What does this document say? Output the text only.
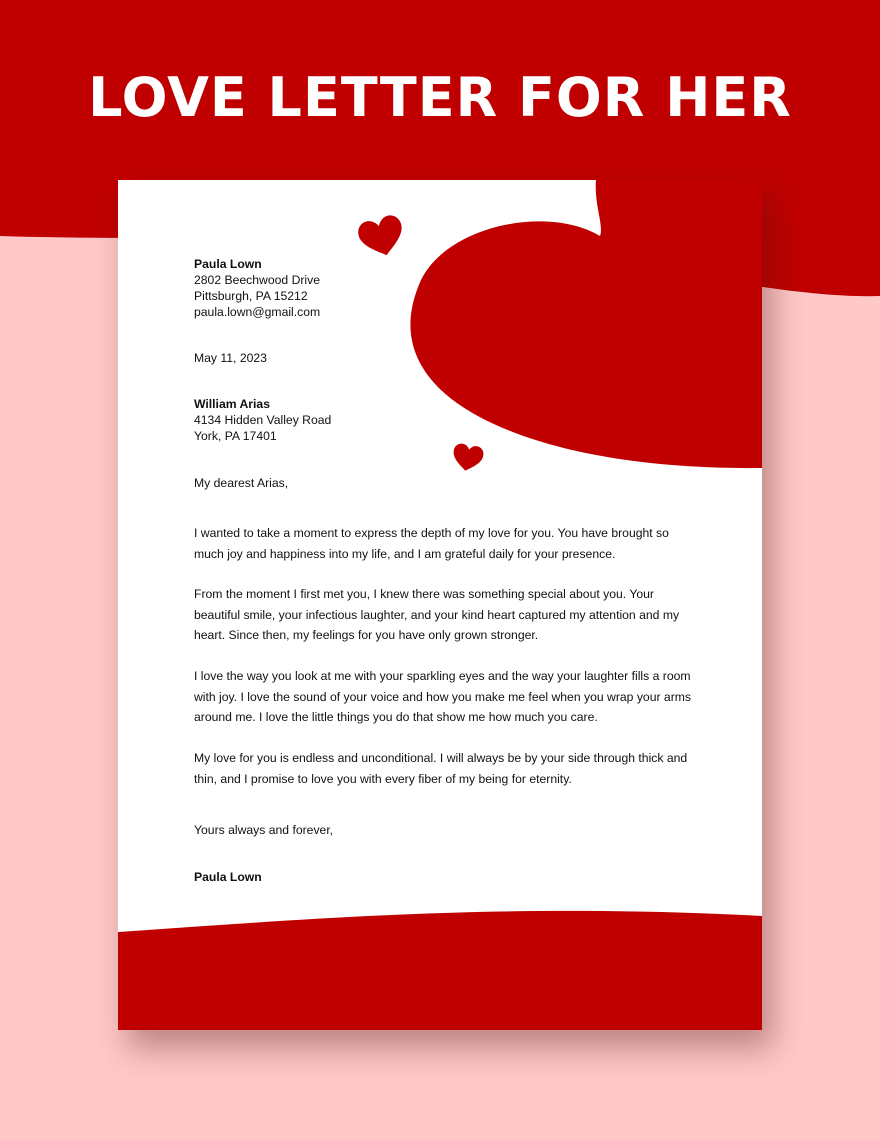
LOVE LETTER FOR HER
Paula Lown
2802 Beechwood Drive
Pittsburgh, PA 15212
paula.lown@gmail.com
May 11, 2023
William Arias
4134 Hidden Valley Road
York, PA 17401
My dearest Arias,
I wanted to take a moment to express the depth of my love for you. You have brought so much joy and happiness into my life, and I am grateful daily for your presence.
From the moment I first met you, I knew there was something special about you. Your beautiful smile, your infectious laughter, and your kind heart captured my attention and my heart. Since then, my feelings for you have only grown stronger.
I love the way you look at me with your sparkling eyes and the way your laughter fills a room with joy. I love the sound of your voice and how you make me feel when you wrap your arms around me. I love the little things you do that show me how much you care.
My love for you is endless and unconditional. I will always be by your side through thick and thin, and I promise to love you with every fiber of my being for eternity.
Yours always and forever,
Paula Lown
